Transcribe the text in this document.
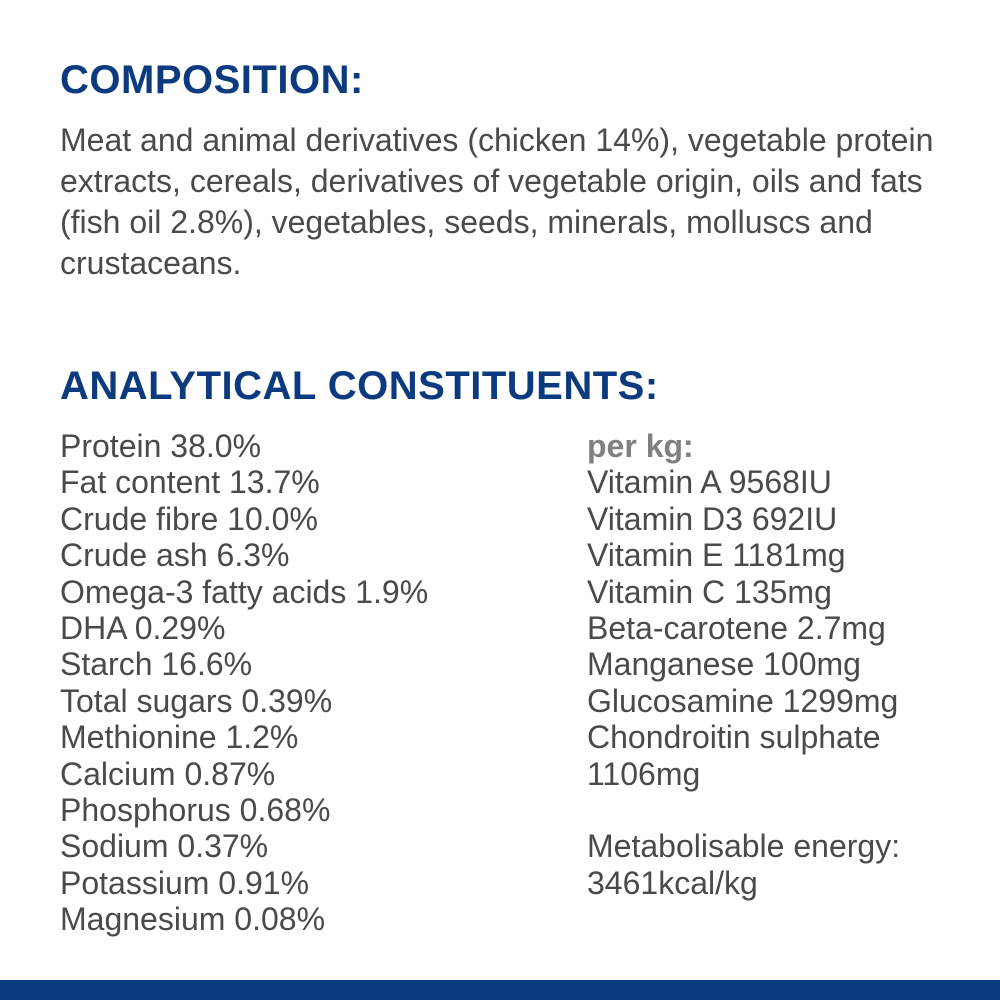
COMPOSITION:

Meat and animal derivatives (chicken 14%), vegetable protein extracts, cereals, derivatives of vegetable origin, oils and fats (fish oil 2.8%), vegetables, seeds, minerals, molluscs and crustaceans.

ANALYTICAL CONSTITUENTS:
Protein 38.0%
Fat content 13.7%
Crude fibre 10.0%
Crude ash 6.3%
Omega-3 fatty acids 1.9%
DHA 0.29%
Starch 16.6%
Total sugars 0.39%
Methionine 1.2%
Calcium 0.87%
Phosphorus 0.68%
Sodium 0.37%
Potassium 0.91%
Magnesium 0.08%
per kg:
Vitamin A 9568IU
Vitamin D3 692IU
Vitamin E 1181mg
Vitamin C 135mg
Beta-carotene 2.7mg
Manganese 100mg
Glucosamine 1299mg
Chondroitin sulphate 1106mg
Metabolisable energy:
3461kcal/kg
